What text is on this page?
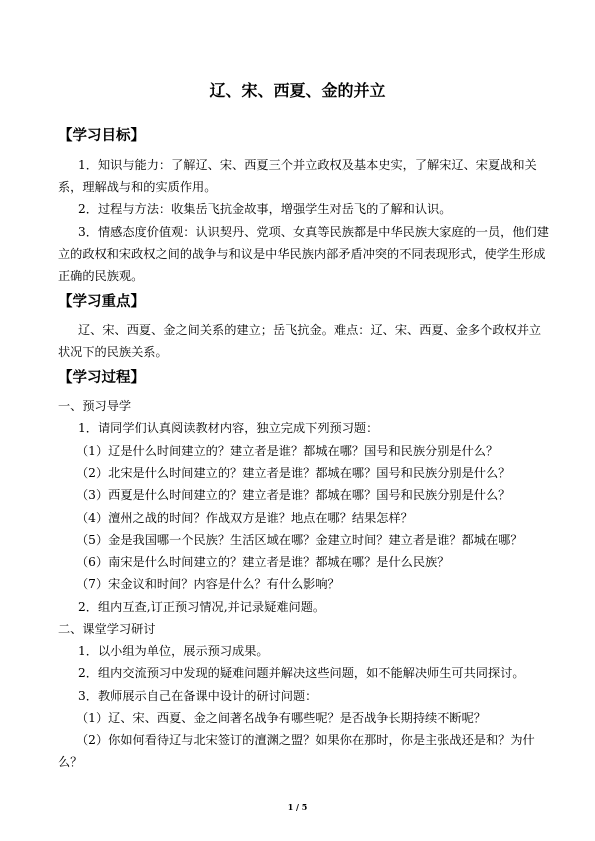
辽、宋、西夏、金的并立
【学习目标】
1．知识与能力：了解辽、宋、西夏三个并立政权及基本史实，了解宋辽、宋夏战和关
系，理解战与和的实质作用。
2．过程与方法：收集岳飞抗金故事，增强学生对岳飞的了解和认识。
3．情感态度价值观：认识契丹、党项、女真等民族都是中华民族大家庭的一员，他们建
立的政权和宋政权之间的战争与和议是中华民族内部矛盾冲突的不同表现形式，使学生形成
正确的民族观。
【学习重点】
辽、宋、西夏、金之间关系的建立；岳飞抗金。难点：辽、宋、西夏、金多个政权并立
状况下的民族关系。
【学习过程】
一、预习导学
1．请同学们认真阅读教材内容，独立完成下列预习题：
（1）辽是什么时间建立的？建立者是谁？都城在哪？国号和民族分别是什么？
（2）北宋是什么时间建立的？建立者是谁？都城在哪？国号和民族分别是什么？
（3）西夏是什么时间建立的？建立者是谁？都城在哪？国号和民族分别是什么？
（4）澶州之战的时间？作战双方是谁？地点在哪？结果怎样？
（5）金是我国哪一个民族？生活区域在哪？金建立时间？建立者是谁？都城在哪？
（6）南宋是什么时间建立的？建立者是谁？都城在哪？是什么民族？
（7）宋金议和时间？内容是什么？有什么影响？
2．组内互查,订正预习情况,并记录疑难问题。
二、课堂学习研讨
1．以小组为单位，展示预习成果。
2．组内交流预习中发现的疑难问题并解决这些问题，如不能解决师生可共同探讨。
3．教师展示自己在备课中设计的研讨问题：
（1）辽、宋、西夏、金之间著名战争有哪些呢？是否战争长期持续不断呢？
（2）你如何看待辽与北宋签订的澶渊之盟？如果你在那时，你是主张战还是和？为什
么？
1 / 5
